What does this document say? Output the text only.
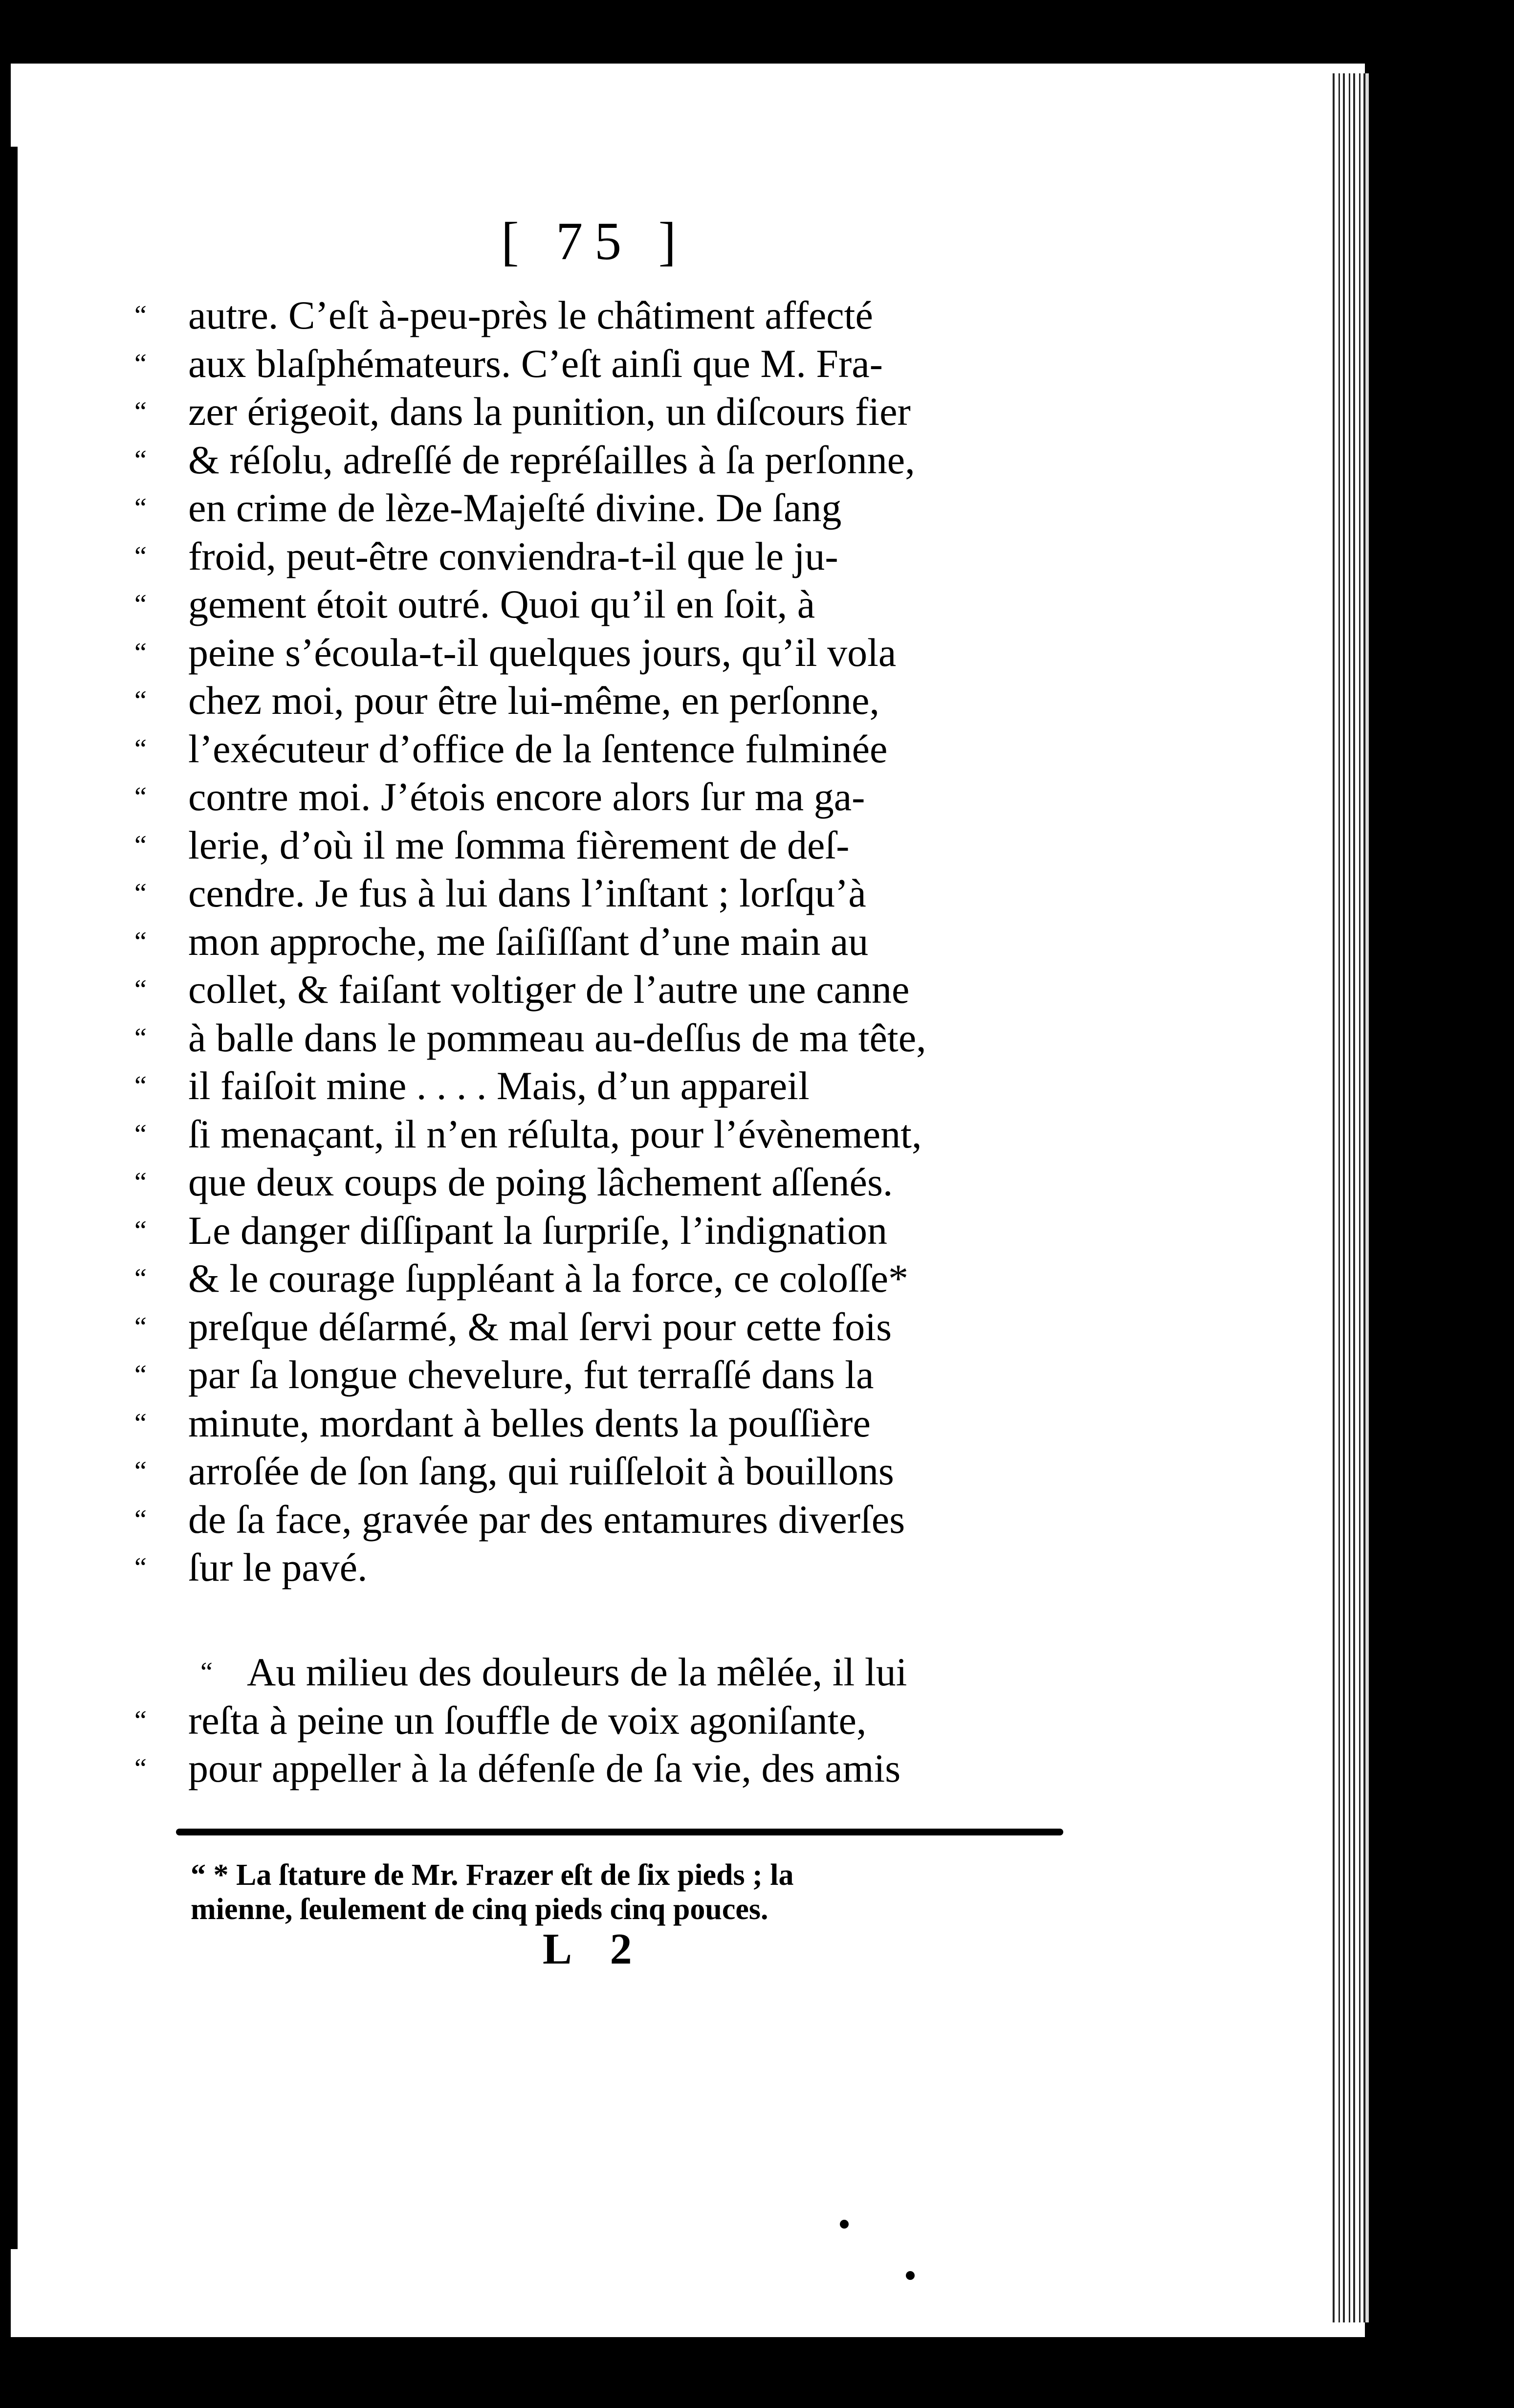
[ 75 ]
“	autre. C’eſt à-peu-près le châtiment affecté
“	aux blaſphémateurs. C’eſt ainſi que M. Fra-
“	zer érigeoit, dans la punition, un diſcours fier
“	& réſolu, adreſſé de repréſailles à ſa perſonne,
“	en crime de lèze-Majeſté divine. De ſang
“	froid, peut-être conviendra-t-il que le ju-
“	gement étoit outré. Quoi qu’il en ſoit, à
“	peine s’écoula-t-il quelques jours, qu’il vola
“	chez moi, pour être lui-même, en perſonne,
“	l’exécuteur d’office de la ſentence fulminée
“	contre moi. J’étois encore alors ſur ma ga-
“	lerie, d’où il me ſomma fièrement de deſ-
“	cendre. Je fus à lui dans l’inſtant ; lorſqu’à
“	mon approche, me ſaiſiſſant d’une main au
“	collet, & faiſant voltiger de l’autre une canne
“	à balle dans le pommeau au-deſſus de ma tête,
“	il faiſoit mine . . . . Mais, d’un appareil
“	ſi menaçant, il n’en réſulta, pour l’évènement,
“	que deux coups de poing lâchement aſſenés.
“	Le danger diſſipant la ſurpriſe, l’indignation
“	& le courage ſuppléant à la force, ce coloſſe*
“	preſque déſarmé, & mal ſervi pour cette fois
“	par ſa longue chevelure, fut terraſſé dans la
“	minute, mordant à belles dents la pouſſière
“	arroſée de ſon ſang, qui ruiſſeloit à bouillons
“	de ſa face, gravée par des entamures diverſes
“	ſur le pavé.
“ Au milieu des douleurs de la mêlée, il lui
“	reſta à peine un ſouffle de voix agoniſante,
“	pour appeller à la défenſe de ſa vie, des amis
“ * La ſtature de Mr. Frazer eſt de ſix pieds ; la
mienne, ſeulement de cinq pieds cinq pouces.
L 2
